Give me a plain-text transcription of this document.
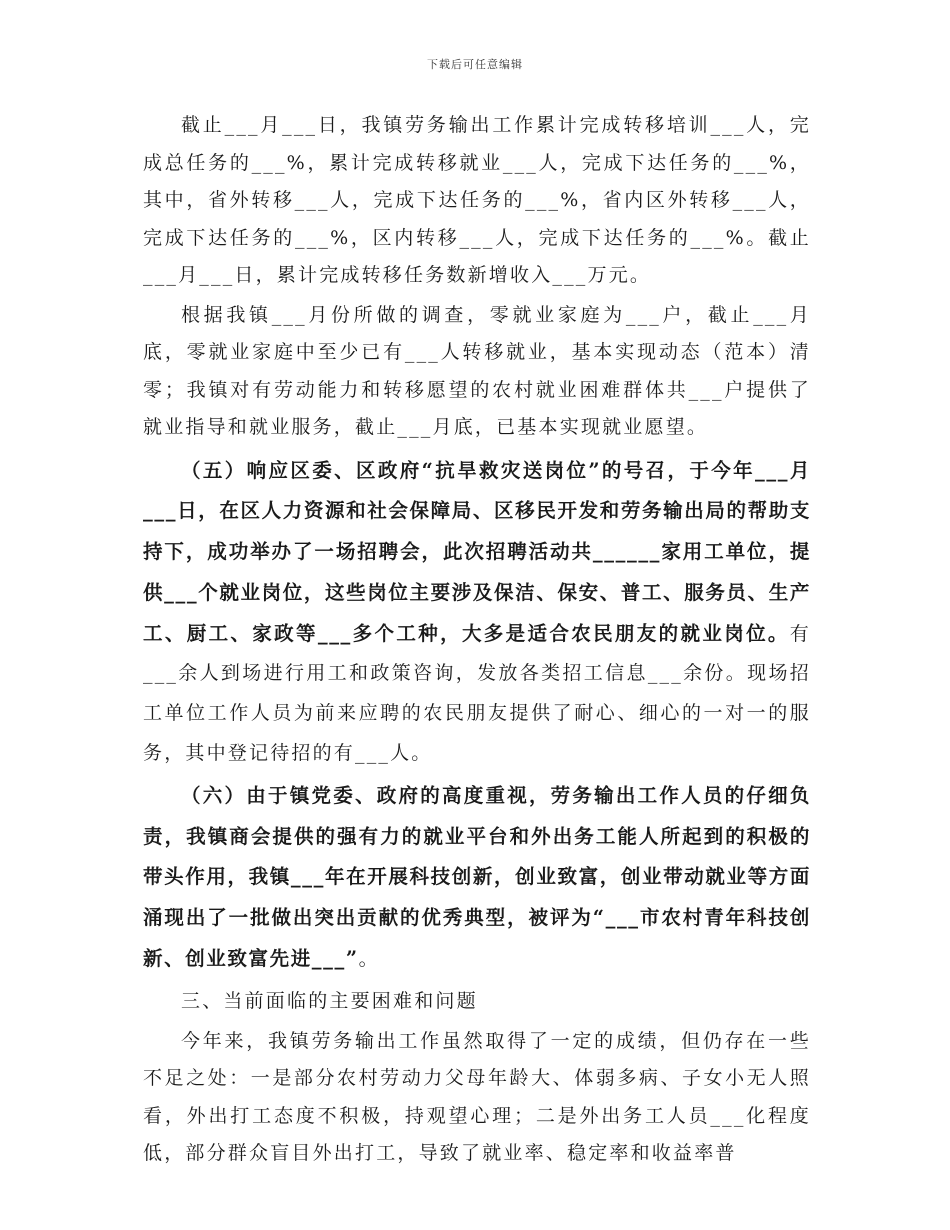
下载后可任意编辑

截止___月___日，我镇劳务输出工作累计完成转移培训___人，完成总任务的___%，累计完成转移就业___人，完成下达任务的___%，其中，省外转移___人，完成下达任务的___%，省内区外转移___人，完成下达任务的___%，区内转移___人，完成下达任务的___%。截止___月___日，累计完成转移任务数新增收入___万元。

根据我镇___月份所做的调查，零就业家庭为___户，截止___月底，零就业家庭中至少已有___人转移就业，基本实现动态（范本）清零；我镇对有劳动能力和转移愿望的农村就业困难群体共___户提供了就业指导和就业服务，截止___月底，已基本实现就业愿望。

（五）响应区委、区政府“抗旱救灾送岗位”的号召，于今年___月___日，在区人力资源和社会保障局、区移民开发和劳务输出局的帮助支持下，成功举办了一场招聘会，此次招聘活动共______家用工单位，提供___个就业岗位，这些岗位主要涉及保洁、保安、普工、服务员、生产工、厨工、家政等___多个工种，大多是适合农民朋友的就业岗位。有___余人到场进行用工和政策咨询，发放各类招工信息___余份。现场招工单位工作人员为前来应聘的农民朋友提供了耐心、细心的一对一的服务，其中登记待招的有___人。

（六）由于镇党委、政府的高度重视，劳务输出工作人员的仔细负责，我镇商会提供的强有力的就业平台和外出务工能人所起到的积极的带头作用，我镇___年在开展科技创新，创业致富，创业带动就业等方面涌现出了一批做出突出贡献的优秀典型，被评为“___市农村青年科技创新、创业致富先进___”。

三、当前面临的主要困难和问题

今年来，我镇劳务输出工作虽然取得了一定的成绩，但仍存在一些不足之处：一是部分农村劳动力父母年龄大、体弱多病、子女小无人照看，外出打工态度不积极，持观望心理；二是外出务工人员___化程度低，部分群众盲目外出打工，导致了就业率、稳定率和收益率普
